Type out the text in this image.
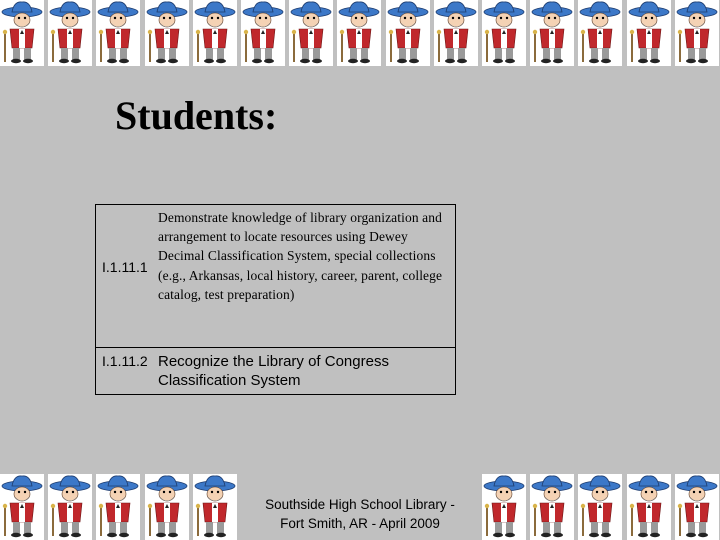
Students:
I.1.11.1
Demonstrate knowledge of library organization and arrangement to locate resources using Dewey Decimal Classification System, special collections (e.g., Arkansas, local history, career, parent, college catalog, test preparation)
I.1.11.2 Recognize the Library of Congress Classification System
Southside High School Library -
Fort Smith, AR - April 2009
